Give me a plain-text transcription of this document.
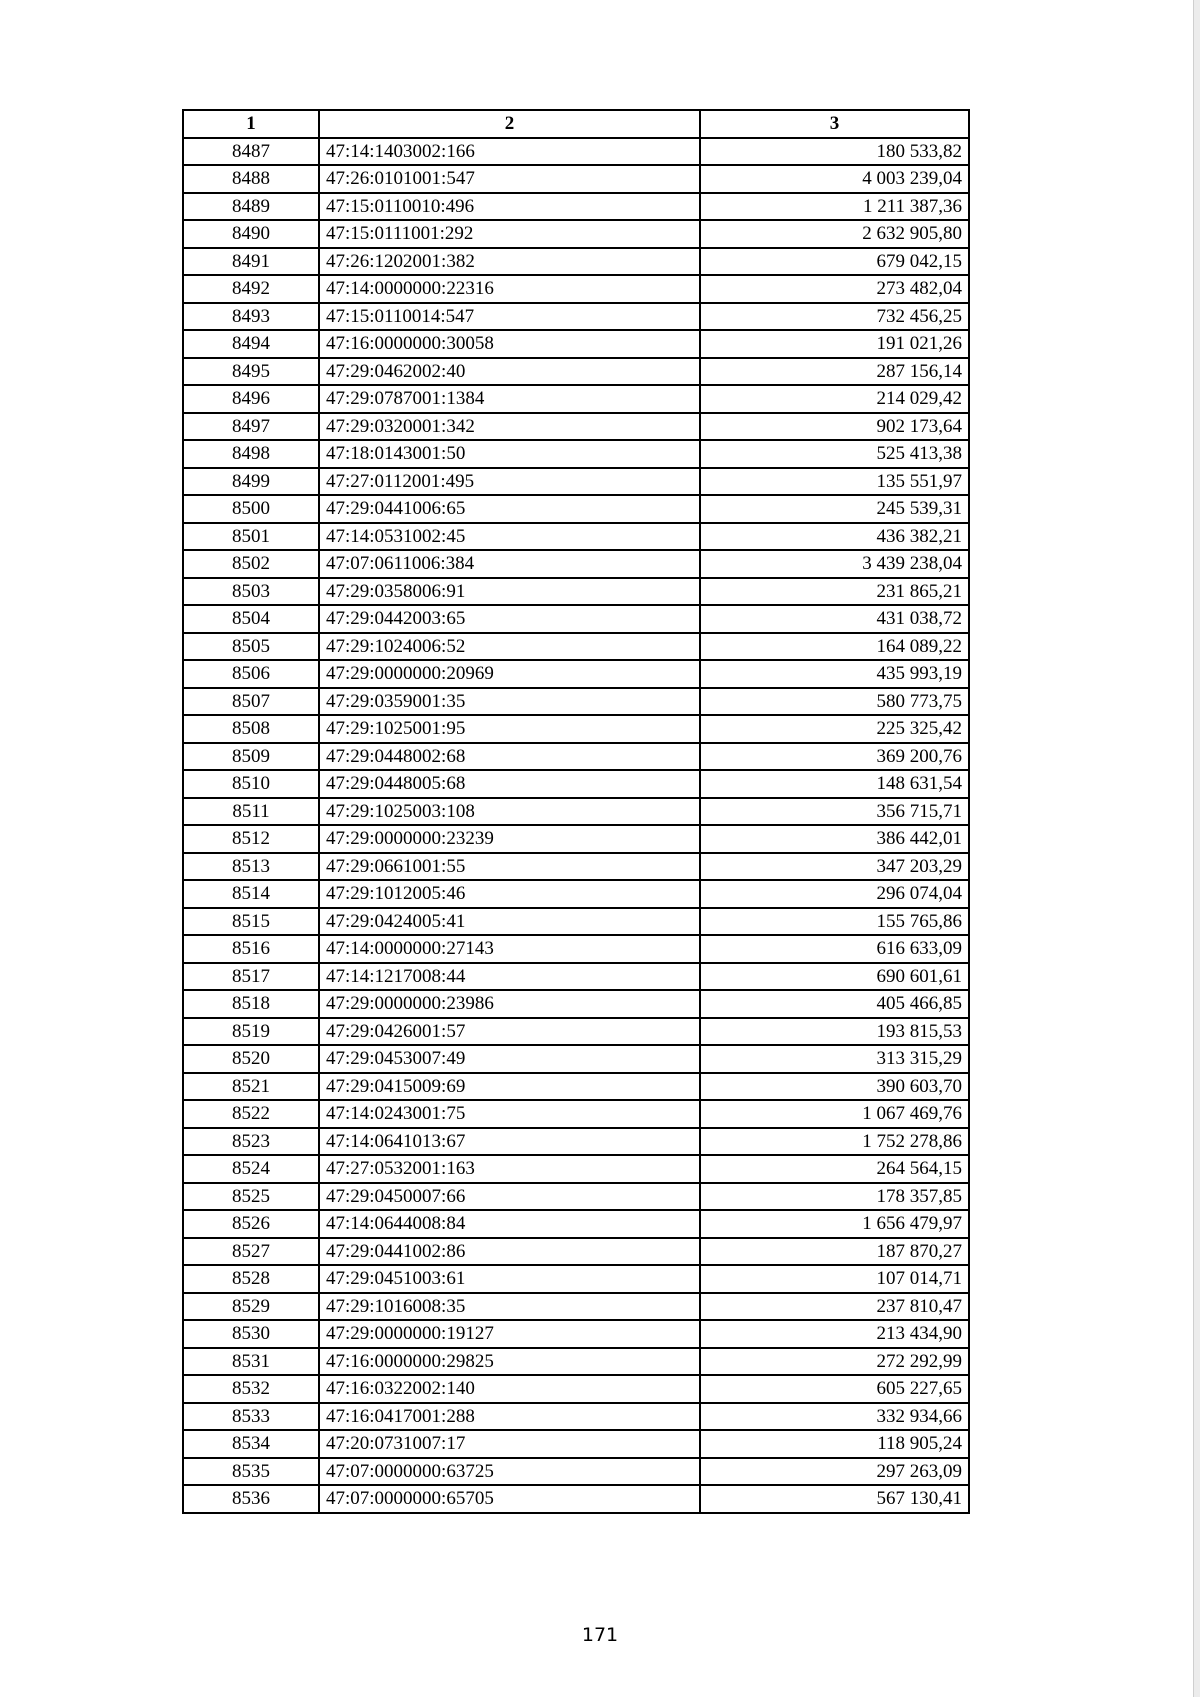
1	2	3
8487	47:14:1403002:166	180 533,82
8488	47:26:0101001:547	4 003 239,04
8489	47:15:0110010:496	1 211 387,36
8490	47:15:0111001:292	2 632 905,80
8491	47:26:1202001:382	679 042,15
8492	47:14:0000000:22316	273 482,04
8493	47:15:0110014:547	732 456,25
8494	47:16:0000000:30058	191 021,26
8495	47:29:0462002:40	287 156,14
8496	47:29:0787001:1384	214 029,42
8497	47:29:0320001:342	902 173,64
8498	47:18:0143001:50	525 413,38
8499	47:27:0112001:495	135 551,97
8500	47:29:0441006:65	245 539,31
8501	47:14:0531002:45	436 382,21
8502	47:07:0611006:384	3 439 238,04
8503	47:29:0358006:91	231 865,21
8504	47:29:0442003:65	431 038,72
8505	47:29:1024006:52	164 089,22
8506	47:29:0000000:20969	435 993,19
8507	47:29:0359001:35	580 773,75
8508	47:29:1025001:95	225 325,42
8509	47:29:0448002:68	369 200,76
8510	47:29:0448005:68	148 631,54
8511	47:29:1025003:108	356 715,71
8512	47:29:0000000:23239	386 442,01
8513	47:29:0661001:55	347 203,29
8514	47:29:1012005:46	296 074,04
8515	47:29:0424005:41	155 765,86
8516	47:14:0000000:27143	616 633,09
8517	47:14:1217008:44	690 601,61
8518	47:29:0000000:23986	405 466,85
8519	47:29:0426001:57	193 815,53
8520	47:29:0453007:49	313 315,29
8521	47:29:0415009:69	390 603,70
8522	47:14:0243001:75	1 067 469,76
8523	47:14:0641013:67	1 752 278,86
8524	47:27:0532001:163	264 564,15
8525	47:29:0450007:66	178 357,85
8526	47:14:0644008:84	1 656 479,97
8527	47:29:0441002:86	187 870,27
8528	47:29:0451003:61	107 014,71
8529	47:29:1016008:35	237 810,47
8530	47:29:0000000:19127	213 434,90
8531	47:16:0000000:29825	272 292,99
8532	47:16:0322002:140	605 227,65
8533	47:16:0417001:288	332 934,66
8534	47:20:0731007:17	118 905,24
8535	47:07:0000000:63725	297 263,09
8536	47:07:0000000:65705	567 130,41
171
